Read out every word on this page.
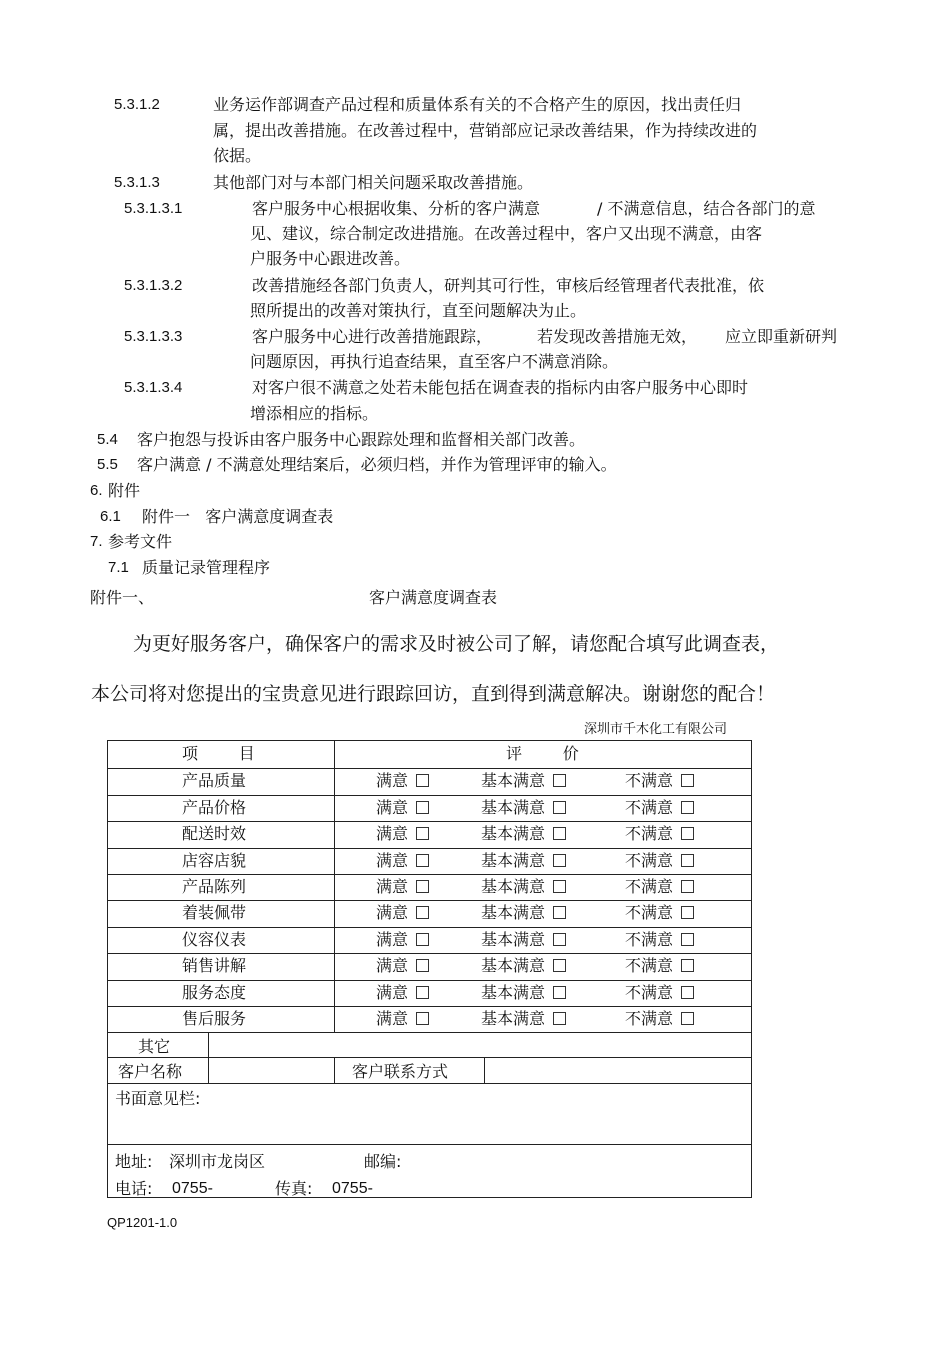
5.3.1.2	业务运作部调查产品过程和质量体系有关的不合格产生的原因，找出责任归
属，提出改善措施。在改善过程中，营销部应记录改善结果，作为持续改进的
依据。
5.3.1.3	其他部门对与本部门相关问题采取改善措施。
5.3.1.3.1	客户服务中心根据收集、分析的客户满意	/ 不满意信息，结合各部门的意
见、建议，综合制定改进措施。在改善过程中，客户又出现不满意，由客
户服务中心跟进改善。
5.3.1.3.2	改善措施经各部门负责人，研判其可行性，审核后经管理者代表批准，依
照所提出的改善对策执行，直至问题解决为止。
5.3.1.3.3	客户服务中心进行改善措施跟踪，	若发现改善措施无效， 应立即重新研判
问题原因，再执行追查结果，直至客户不满意消除。
5.3.1.3.4	对客户很不满意之处若未能包括在调查表的指标内由客户服务中心即时
增添相应的指标。
5.4 客户抱怨与投诉由客户服务中心跟踪处理和监督相关部门改善。
5.5 客户满意 / 不满意处理结案后，必须归档，并作为管理评审的输入。
6. 附件
6.1 附件一   客户满意度调查表
7. 参考文件
7.1 质量记录管理程序
附件一、	客户满意度调查表
为更好服务客户，确保客户的需求及时被公司了解，请您配合填写此调查表，
本公司将对您提出的宝贵意见进行跟踪回访，直到得到满意解决。谢谢您的配合！
深圳市千木化工有限公司
项        目	评        价
产品质量	满意	基本满意	不满意
产品价格	满意	基本满意	不满意
配送时效	满意	基本满意	不满意
店容店貌	满意	基本满意	不满意
产品陈列	满意	基本满意	不满意
着装佩带	满意	基本满意	不满意
仪容仪表	满意	基本满意	不满意
销售讲解	满意	基本满意	不满意
服务态度	满意	基本满意	不满意
售后服务	满意	基本满意	不满意
其它
客户名称	客户联系方式
书面意见栏:
地址: 深圳市龙岗区	邮编:
电话: 0755-	传真: 0755-
QP1201-1.0
